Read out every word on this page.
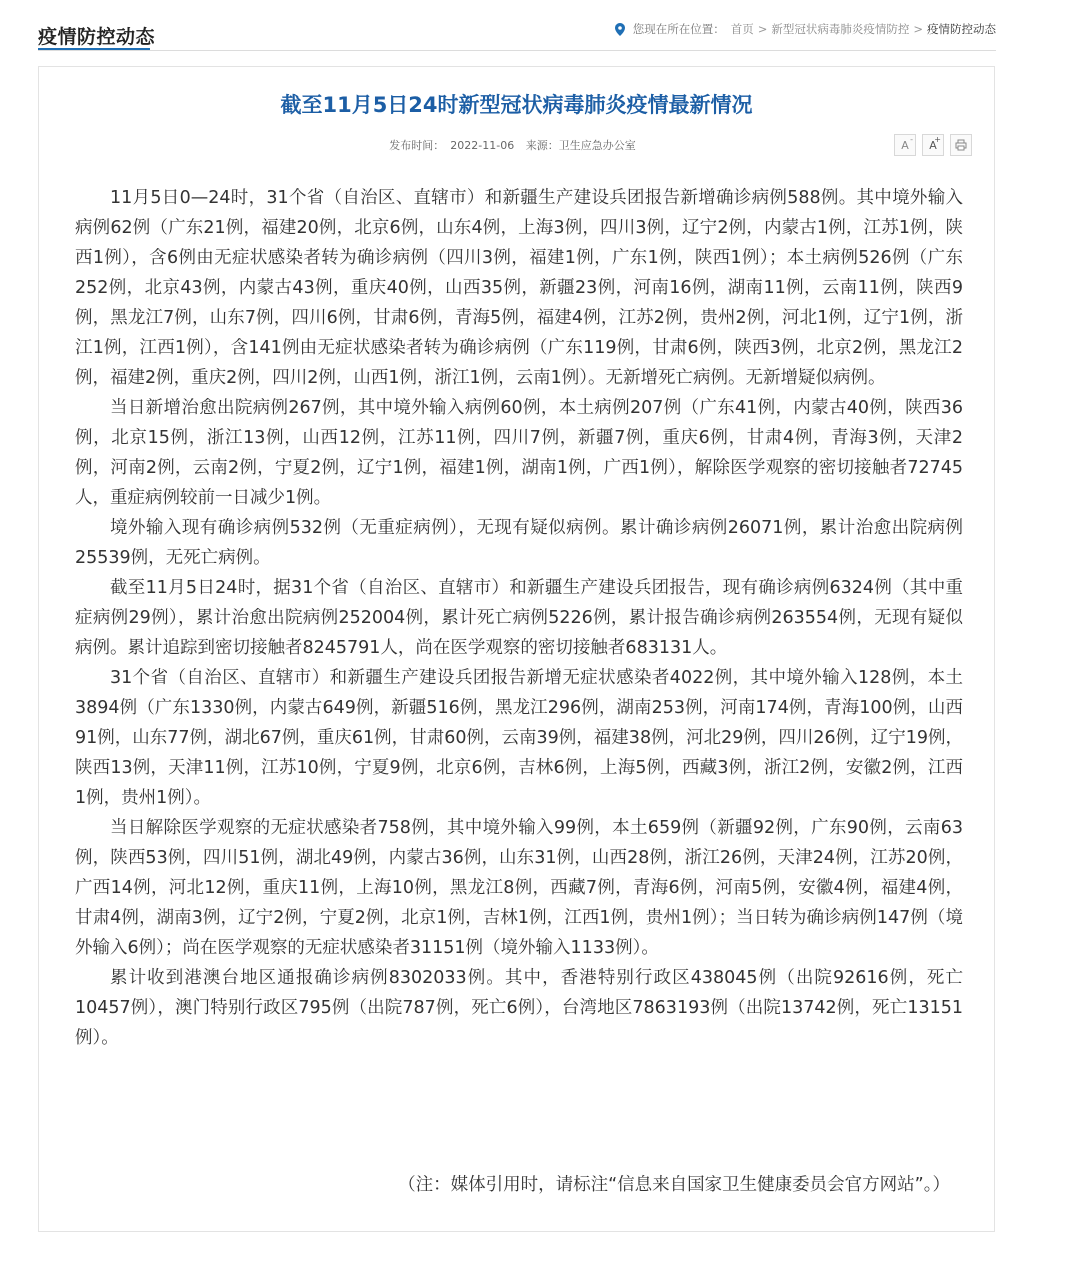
疫情防控动态	您现在所在位置： 首页 > 新型冠状病毒肺炎疫情防控 > 疫情防控动态
截至11月5日24时新型冠状病毒肺炎疫情最新情况
发布时间： 2022-11-06 来源：卫生应急办公室	A- A
+

11月5日0—24时，31个省（自治区、直辖市）和新疆生产建设兵团报告新增确诊病例588例。其中境外输入病例62例（广东21例，福建20例，北京6例，山东4例，上海3例，四川3例，辽宁2例，内蒙古1例，江苏1例，陕西1例），含6例由无症状感染者转为确诊病例（四川3例，福建1例，广东1例，陕西1例）；本土病例526例（广东252例，北京43例，内蒙古43例，重庆40例，山西35例，新疆23例，河南16例，湖南11例，云南11例，陕西9例，黑龙江7例，山东7例，四川6例，甘肃6例，青海5例，福建4例，江苏2例，贵州2例，河北1例，辽宁1例，浙江1例，江西1例），含141例由无症状感染者转为确诊病例（广东119例，甘肃6例，陕西3例，北京2例，黑龙江2例，福建2例，重庆2例，四川2例，山西1例，浙江1例，云南1例）。无新增死亡病例。无新增疑似病例。

当日新增治愈出院病例267例，其中境外输入病例60例，本土病例207例（广东41例，内蒙古40例，陕西36例，北京15例，浙江13例，山西12例，江苏11例，四川7例，新疆7例，重庆6例，甘肃4例，青海3例，天津2例，河南2例，云南2例，宁夏2例，辽宁1例，福建1例，湖南1例，广西1例），解除医学观察的密切接触者72745人，重症病例较前一日减少1例。

境外输入现有确诊病例532例（无重症病例），无现有疑似病例。累计确诊病例26071例，累计治愈出院病例25539例，无死亡病例。

截至11月5日24时，据31个省（自治区、直辖市）和新疆生产建设兵团报告，现有确诊病例6324例（其中重症病例29例），累计治愈出院病例252004例，累计死亡病例5226例，累计报告确诊病例263554例，无现有疑似病例。累计追踪到密切接触者8245791人，尚在医学观察的密切接触者683131人。

31个省（自治区、直辖市）和新疆生产建设兵团报告新增无症状感染者4022例，其中境外输入128例，本土3894例（广东1330例，内蒙古649例，新疆516例，黑龙江296例，湖南253例，河南174例，青海100例，山西91例，山东77例，湖北67例，重庆61例，甘肃60例，云南39例，福建38例，河北29例，四川26例，辽宁19例，陕西13例，天津11例，江苏10例，宁夏9例，北京6例，吉林6例，上海5例，西藏3例，浙江2例，安徽2例，江西1例，贵州1例）。

当日解除医学观察的无症状感染者758例，其中境外输入99例，本土659例（新疆92例，广东90例，云南63例，陕西53例，四川51例，湖北49例，内蒙古36例，山东31例，山西28例，浙江26例，天津24例，江苏20例，广西14例，河北12例，重庆11例，上海10例，黑龙江8例，西藏7例，青海6例，河南5例，安徽4例，福建4例，甘肃4例，湖南3例，辽宁2例，宁夏2例，北京1例，吉林1例，江西1例，贵州1例）；当日转为确诊病例147例（境外输入6例）；尚在医学观察的无症状感染者31151例（境外输入1133例）。

累计收到港澳台地区通报确诊病例8302033例。其中，香港特别行政区438045例（出院92616例，死亡10457例），澳门特别行政区795例（出院787例，死亡6例），台湾地区7863193例（出院13742例，死亡13151例）。

（注：媒体引用时，请标注“信息来自国家卫生健康委员会官方网站”。）
